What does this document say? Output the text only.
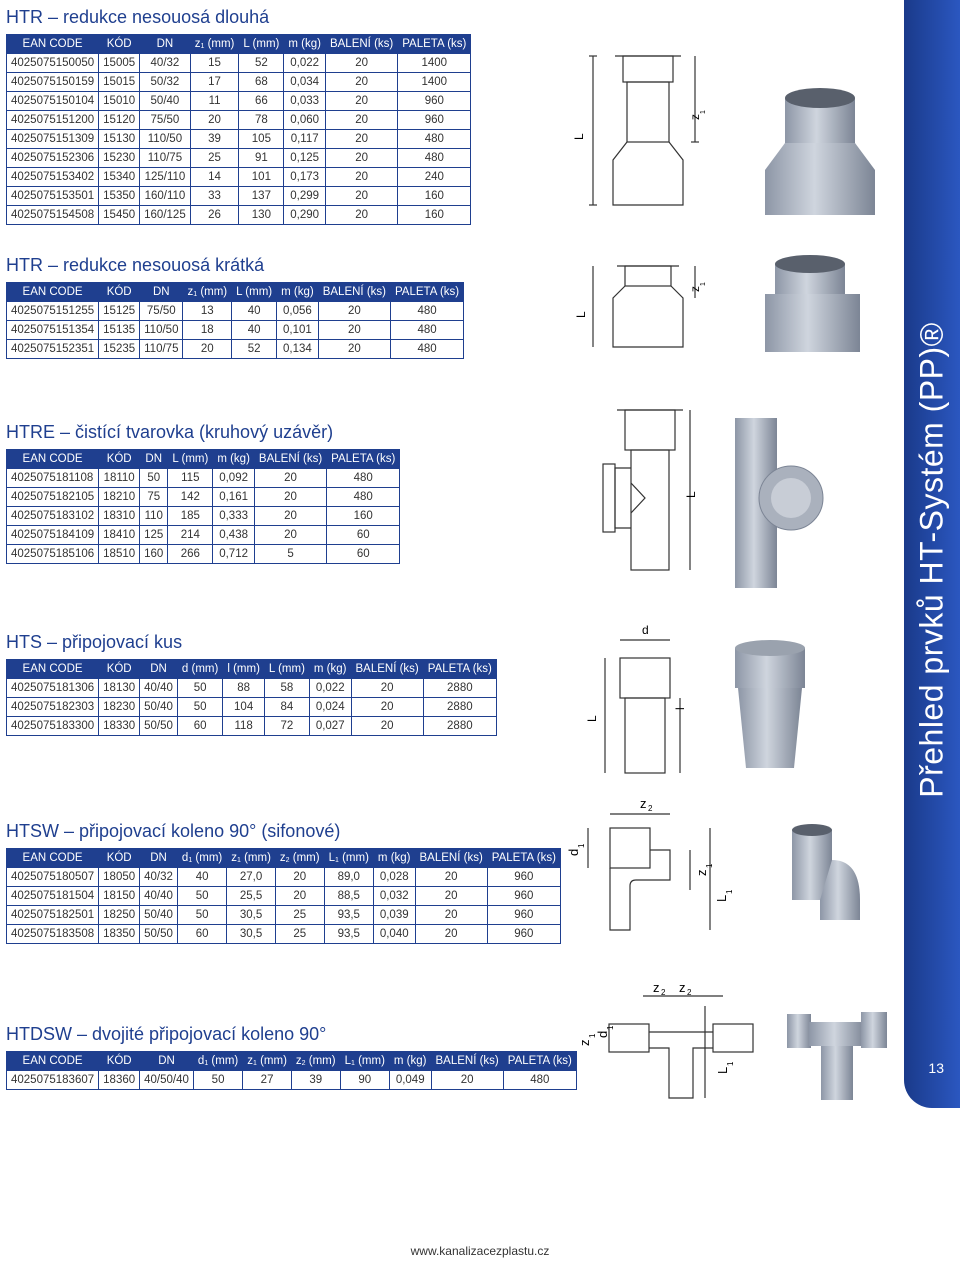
HTR – redukce nesouosá dlouhá
EAN CODE	KÓD	DN	z1 (mm)	L (mm)	m (kg)	BALENÍ (ks)	PALETA (ks)
4025075150050	15005	40/32	15	52	0,022	20	1400
4025075150159	15015	50/32	17	68	0,034	20	1400
4025075150104	15010	50/40	11	66	0,033	20	960
4025075151200	15120	75/50	20	78	0,060	20	960
4025075151309	15130	110/50	39	105	0,117	20	480
4025075152306	15230	110/75	25	91	0,125	20	480
4025075153402	15340	125/110	14	101	0,173	20	240
4025075153501	15350	160/110	33	137	0,299	20	160
4025075154508	15450	160/125	26	130	0,290	20	160
HTR – redukce nesouosá krátká
EAN CODE	KÓD	DN	z1 (mm)	L (mm)	m (kg)	BALENÍ (ks)	PALETA (ks)
4025075151255	15125	75/50	13	40	0,056	20	480
4025075151354	15135	110/50	18	40	0,101	20	480
4025075152351	15235	110/75	20	52	0,134	20	480
HTRE – čistící tvarovka (kruhový uzávěr)
EAN CODE	KÓD	DN	L (mm)	m (kg)	BALENÍ (ks)	PALETA (ks)
4025075181108	18110	50	115	0,092	20	480
4025075182105	18210	75	142	0,161	20	480
4025075183102	18310	110	185	0,333	20	160
4025075184109	18410	125	214	0,438	20	60
4025075185106	18510	160	266	0,712	5	60
HTS – připojovací kus
EAN CODE	KÓD	DN	d (mm)	l (mm)	L (mm)	m (kg)	BALENÍ (ks)	PALETA (ks)
4025075181306	18130	40/40	50	88	58	0,022	20	2880
4025075182303	18230	50/40	50	104	84	0,024	20	2880
4025075183300	18330	50/50	60	118	72	0,027	20	2880
HTSW – připojovací koleno 90° (sifonové)
EAN CODE	KÓD	DN	d1 (mm)	z1 (mm)	z2 (mm)	L1 (mm)	m (kg)	BALENÍ (ks)	PALETA (ks)
4025075180507	18050	40/32	40	27,0	20	89,0	0,028	20	960
4025075181504	18150	40/40	50	25,5	20	88,5	0,032	20	960
4025075182501	18250	50/40	50	30,5	25	93,5	0,039	20	960
4025075183508	18350	50/50	60	30,5	25	93,5	0,040	20	960
HTDSW – dvojité připojovací koleno 90°
EAN CODE	KÓD	DN	d1 (mm)	z1 (mm)	z2 (mm)	L1 (mm)	m (kg)	BALENÍ (ks)	PALETA (ks)
4025075183607	18360	40/50/40	50	27	39	90	0,049	20	480
L
z
1
L
z
1
L
d
L
l
z 2
d
1
z
1
L
1
z 2 z 2
z
1
d
1
L
1
Přehled prvků HT-Systém (PP)®
13
www.kanalizacezplastu.cz
